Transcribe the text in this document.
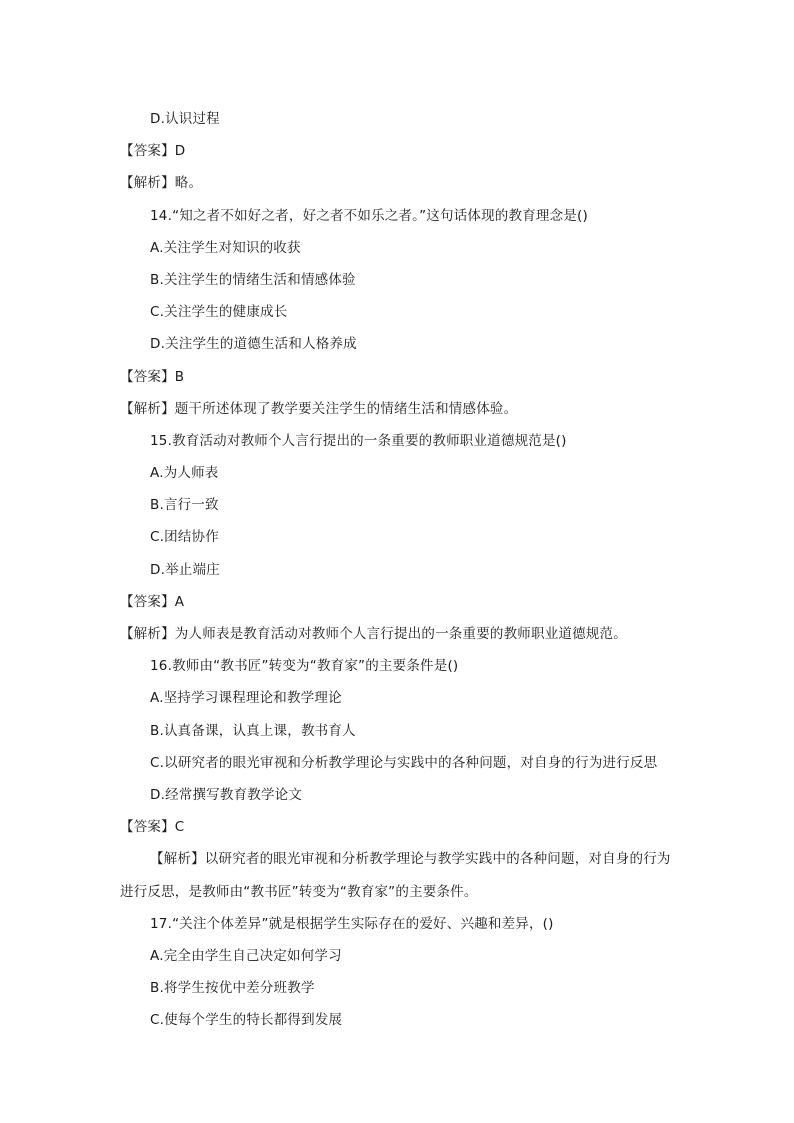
D.认识过程

【答案】D

【解析】略。

14.“知之者不如好之者，好之者不如乐之者。”这句话体现的教育理念是()

A.关注学生对知识的收获

B.关注学生的情绪生活和情感体验

C.关注学生的健康成长

D.关注学生的道德生活和人格养成

【答案】B

【解析】题干所述体现了教学要关注学生的情绪生活和情感体验。

15.教育活动对教师个人言行提出的一条重要的教师职业道德规范是()

A.为人师表

B.言行一致

C.团结协作

D.举止端庄

【答案】A

【解析】为人师表是教育活动对教师个人言行提出的一条重要的教师职业道德规范。

16.教师由“教书匠”转变为“教育家”的主要条件是()

A.坚持学习课程理论和教学理论

B.认真备课，认真上课，教书育人

C.以研究者的眼光审视和分析教学理论与实践中的各种问题，对自身的行为进行反思

D.经常撰写教育教学论文

【答案】C

【解析】以研究者的眼光审视和分析教学理论与教学实践中的各种问题，对自身的行为进行反思，是教师由“教书匠”转变为“教育家”的主要条件。

17.“关注个体差异”就是根据学生实际存在的爱好、兴趣和差异，()

A.完全由学生自己决定如何学习

B.将学生按优中差分班教学

C.使每个学生的特长都得到发展
